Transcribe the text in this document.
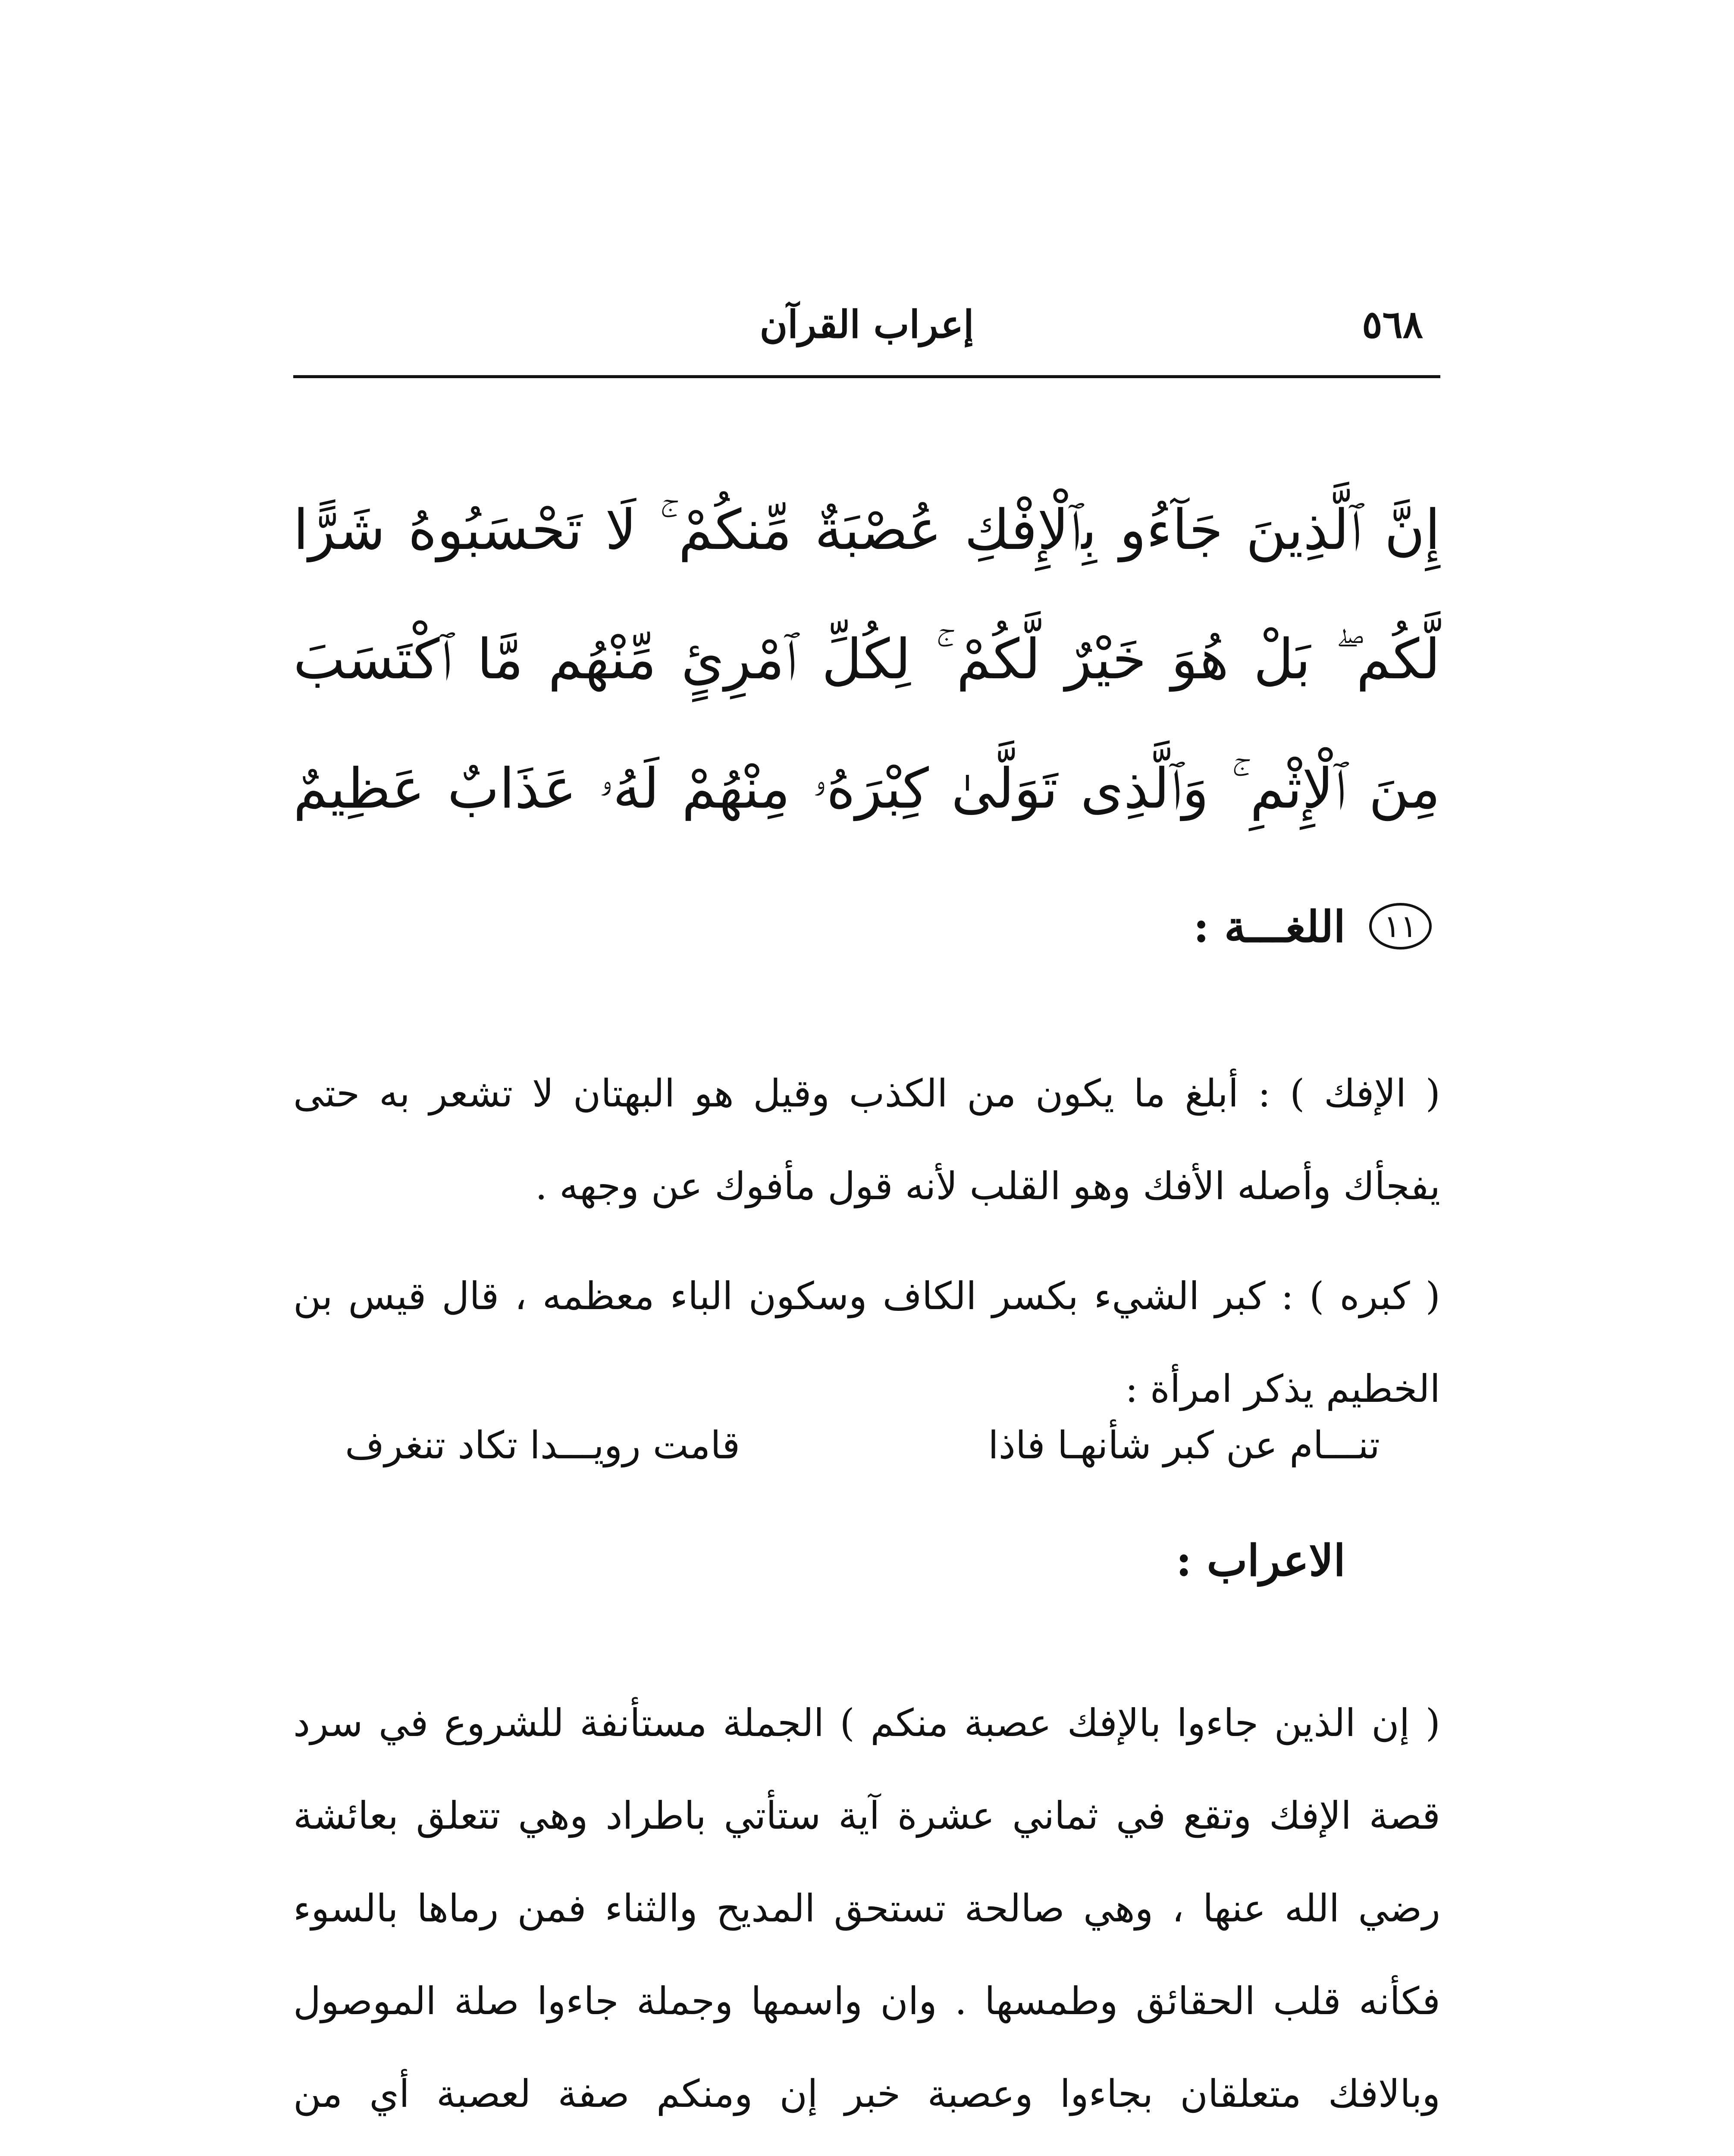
٥٦٨
إعراب القرآن
إِنَّ ٱلَّذِينَ جَآءُو بِٱلْإِفْكِ عُصْبَةٌ مِّنكُمْ ۚ لَا تَحْسَبُوهُ شَرًّا لَّكُم ۖ بَلْ هُوَ خَيْرٌ لَّكُمْ ۚ لِكُلِّ ٱمْرِئٍ مِّنْهُم مَّا ٱكْتَسَبَ مِنَ ٱلْإِثْمِ ۚ وَٱلَّذِى تَوَلَّىٰ كِبْرَهُۥ مِنْهُمْ لَهُۥ عَذَابٌ عَظِيمٌ ١١
اللغـــة :

( الإفك ) : أبلغ ما يكون من الكذب وقيل هو البهتان لا تشعر به حتى يفجأك وأصله الأفك وهو القلب لأنه قول مأفوك عن وجهه .

( كبره ) : كبر الشيء بكسر الكاف وسكون الباء معظمه ، قال قيس بن الخطيم يذكر امرأة :

تنـــام عن كبر شأنهـا فاذا
قامت رويـــدا تكاد تنغرف
الاعراب :

( إن الذين جاءوا بالإفك عصبة منكم ) الجملة مستأنفة للشروع في سرد قصة الإفك وتقع في ثماني عشرة آية ستأتي باطراد وهي تتعلق بعائشة رضي الله عنها ، وهي صالحة تستحق المديح والثناء فمن رماها بالسوء فكأنه قلب الحقائق وطمسها . وان واسمها وجملة جاءوا صلة الموصول وبالافك متعلقان بجاءوا وعصبة خبر إن ومنكم صفة لعصبة أي من
